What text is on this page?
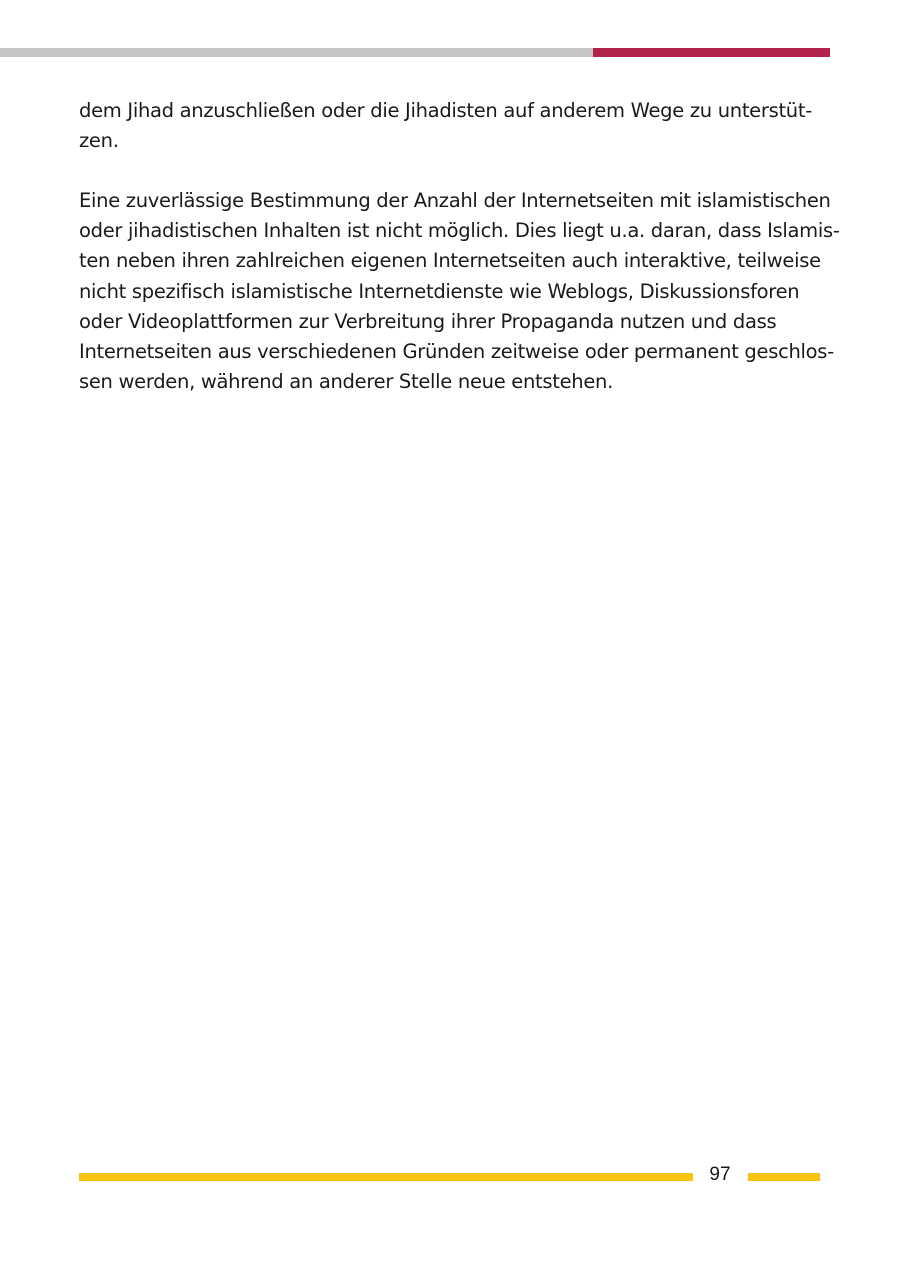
dem Jihad anzuschließen oder die Jihadisten auf anderem Wege zu unterstüt-
zen.

Eine zuverlässige Bestimmung der Anzahl der Internetseiten mit islamistischen
oder jihadistischen Inhalten ist nicht möglich. Dies liegt u.a. daran, dass Islamis-
ten neben ihren zahlreichen eigenen Internetseiten auch interaktive, teilweise
nicht spezifisch islamistische Internetdienste wie Weblogs, Diskussionsforen
oder Videoplattformen zur Verbreitung ihrer Propaganda nutzen und dass
Internetseiten aus verschiedenen Gründen zeitweise oder permanent geschlos-
sen werden, während an anderer Stelle neue entstehen.

97
